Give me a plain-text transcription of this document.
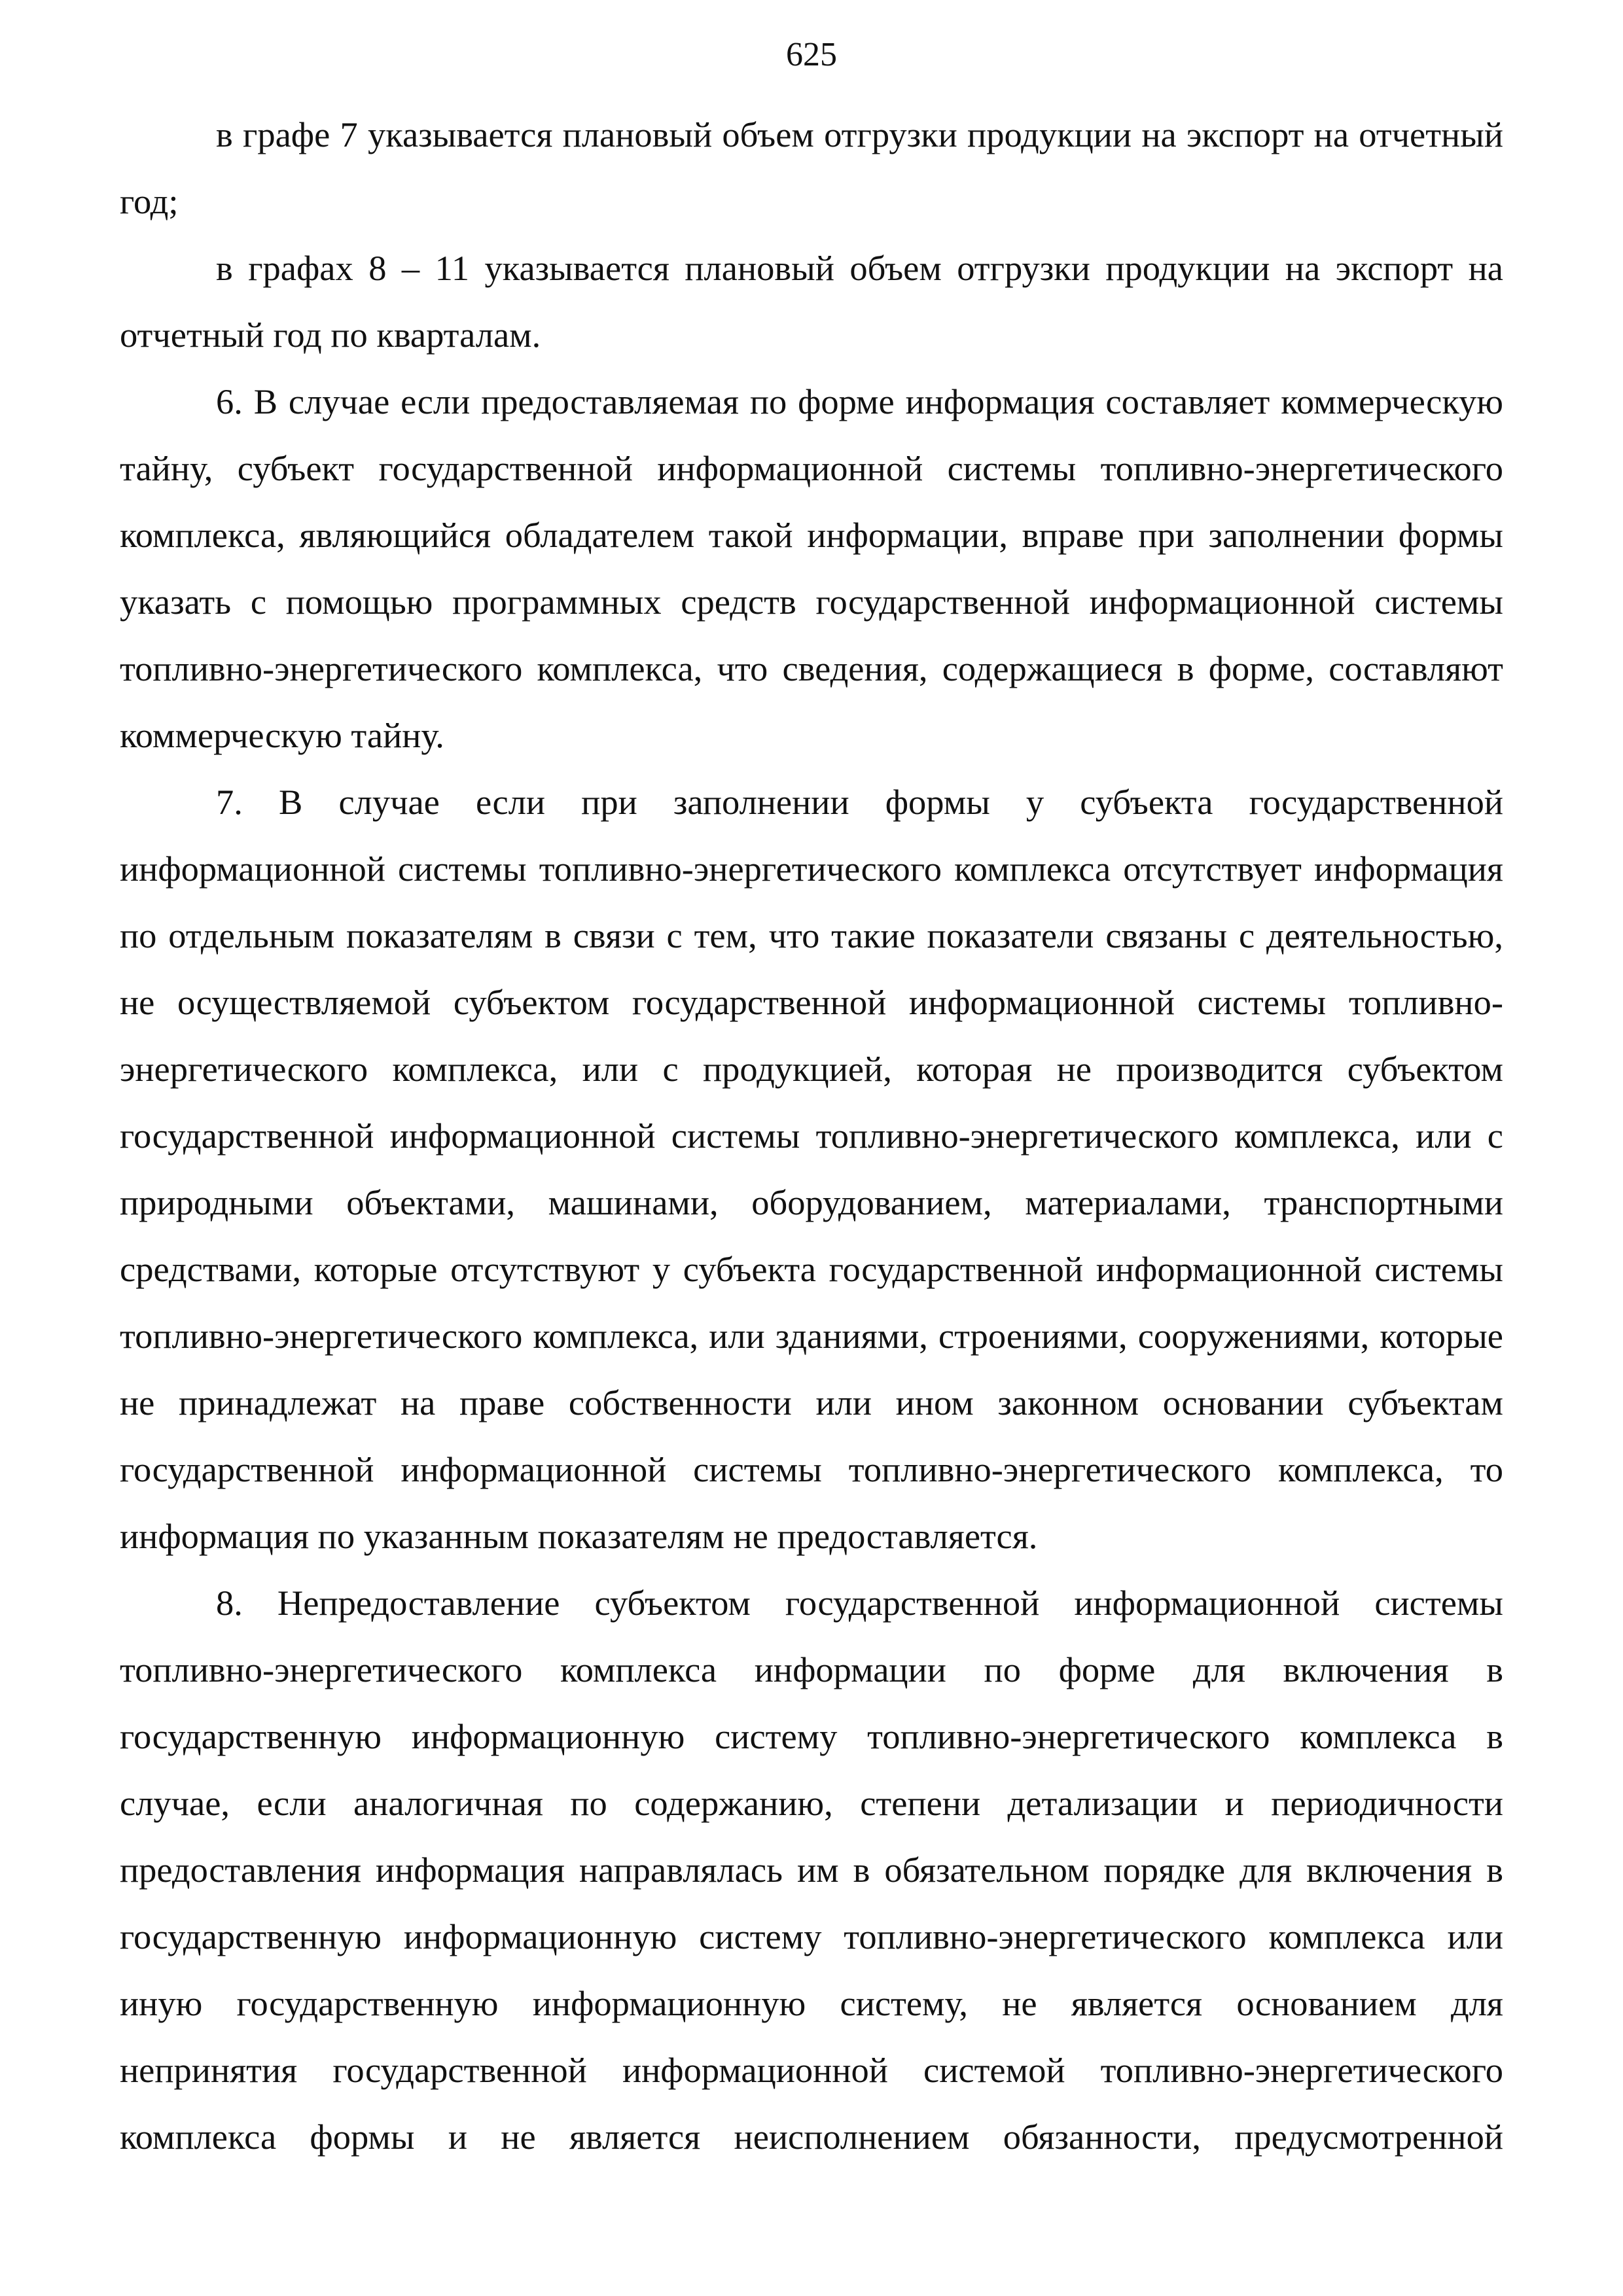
625

в графе 7 указывается плановый объем отгрузки продукции на экспорт на отчетный год;

в графах 8 – 11 указывается плановый объем отгрузки продукции на экспорт на отчетный год по кварталам.

6. В случае если предоставляемая по форме информация составляет коммерческую тайну, субъект государственной информационной системы топливно-энергетического комплекса, являющийся обладателем такой информации, вправе при заполнении формы указать с помощью программных средств государственной информационной системы топливно-энергетического комплекса, что сведения, содержащиеся в форме, составляют коммерческую тайну.

7. В случае если при заполнении формы у субъекта государственной информационной системы топливно-энергетического комплекса отсутствует информация по отдельным показателям в связи с тем, что такие показатели связаны с деятельностью, не осуществляемой субъектом государственной информационной системы топливно-энергетического комплекса, или с продукцией, которая не производится субъектом государственной информационной системы топливно-энергетического комплекса, или с природными объектами, машинами, оборудованием, материалами, транспортными средствами, которые отсутствуют у субъекта государственной информационной системы топливно-энергетического комплекса, или зданиями, строениями, сооружениями, которые не принадлежат на праве собственности или ином законном основании субъектам государственной информационной системы топливно-энергетического комплекса, то информация по указанным показателям не предоставляется.

8. Непредоставление субъектом государственной информационной системы топливно-энергетического комплекса информации по форме для включения в государственную информационную систему топливно-энергетического комплекса в случае, если аналогичная по содержанию, степени детализации и периодичности предоставления информация направлялась им в обязательном порядке для включения в государственную информационную систему топливно-энергетического комплекса или иную государственную информационную систему, не является основанием для непринятия государственной информационной системой топливно-энергетического комплекса формы и не является неисполнением обязанности, предусмотренной
